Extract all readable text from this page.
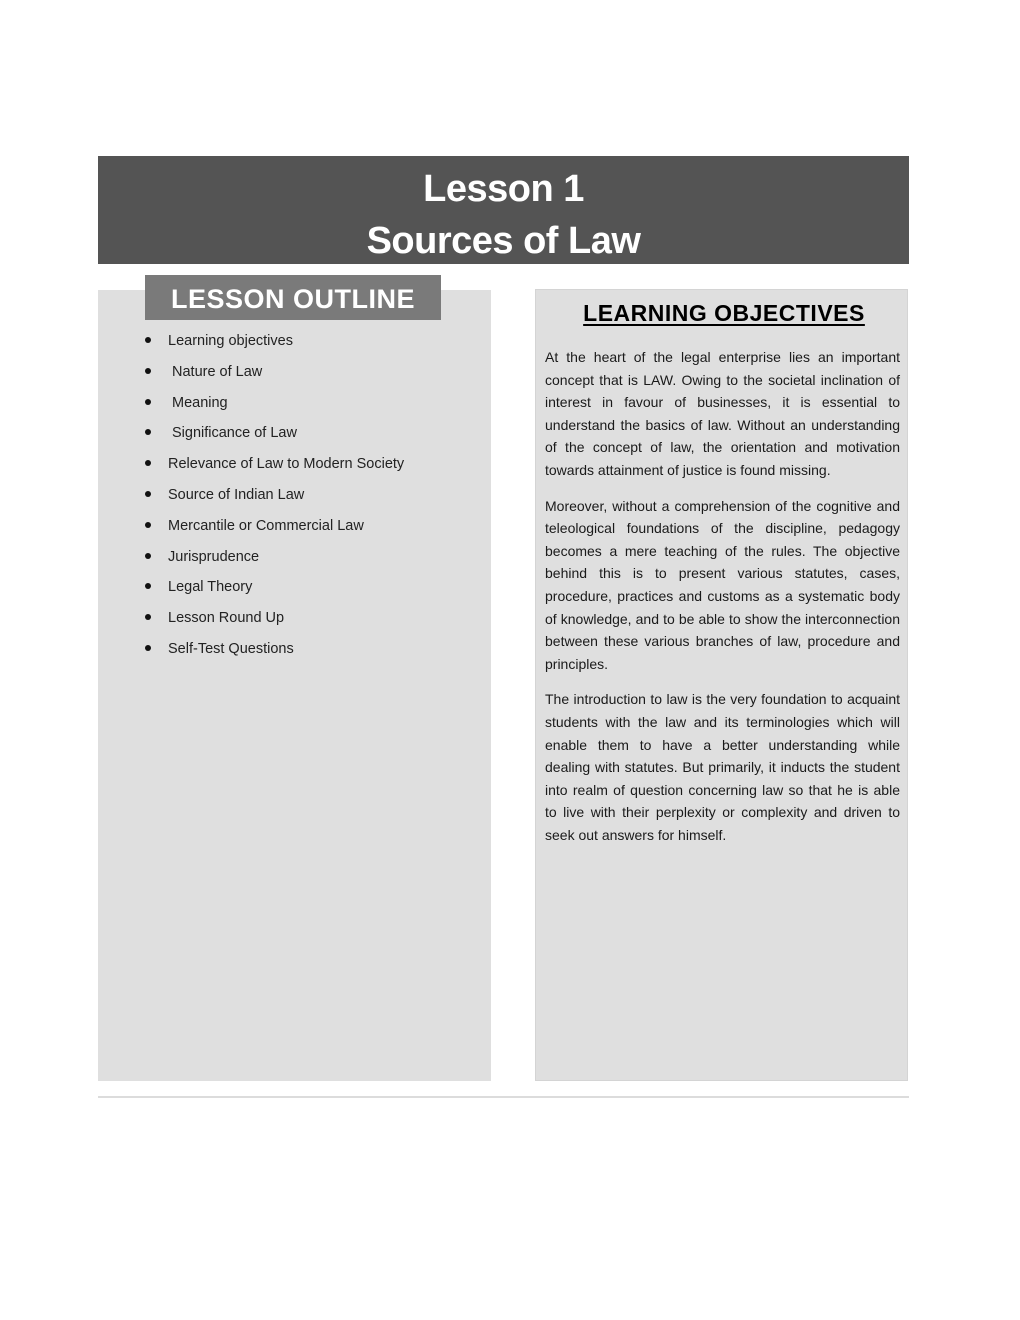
Lesson 1
Sources of Law
LESSON OUTLINE
Learning objectives
Nature of Law
Meaning
Significance of Law
Relevance of Law to Modern Society
Source of Indian Law
Mercantile or Commercial Law
Jurisprudence
Legal Theory
Lesson Round Up
Self-Test Questions
LEARNING OBJECTIVES

At the heart of the legal enterprise lies an important concept that is LAW. Owing to the societal inclination of interest in favour of businesses, it is essential to understand the basics of law. Without an understanding of the concept of law, the orientation and motivation towards attainment of justice is found missing.

Moreover, without a comprehension of the cognitive and teleological foundations of the discipline, pedagogy becomes a mere teaching of the rules. The objective behind this is to present various statutes, cases, procedure, practices and customs as a systematic body of knowledge, and to be able to show the interconnection between these various branches of law, procedure and principles.

The introduction to law is the very foundation to acquaint students with the law and its terminologies which will enable them to have a better understanding while dealing with statutes. But primarily, it inducts the student into realm of question concerning law so that he is able to live with their perplexity or complexity and driven to seek out answers for himself.
